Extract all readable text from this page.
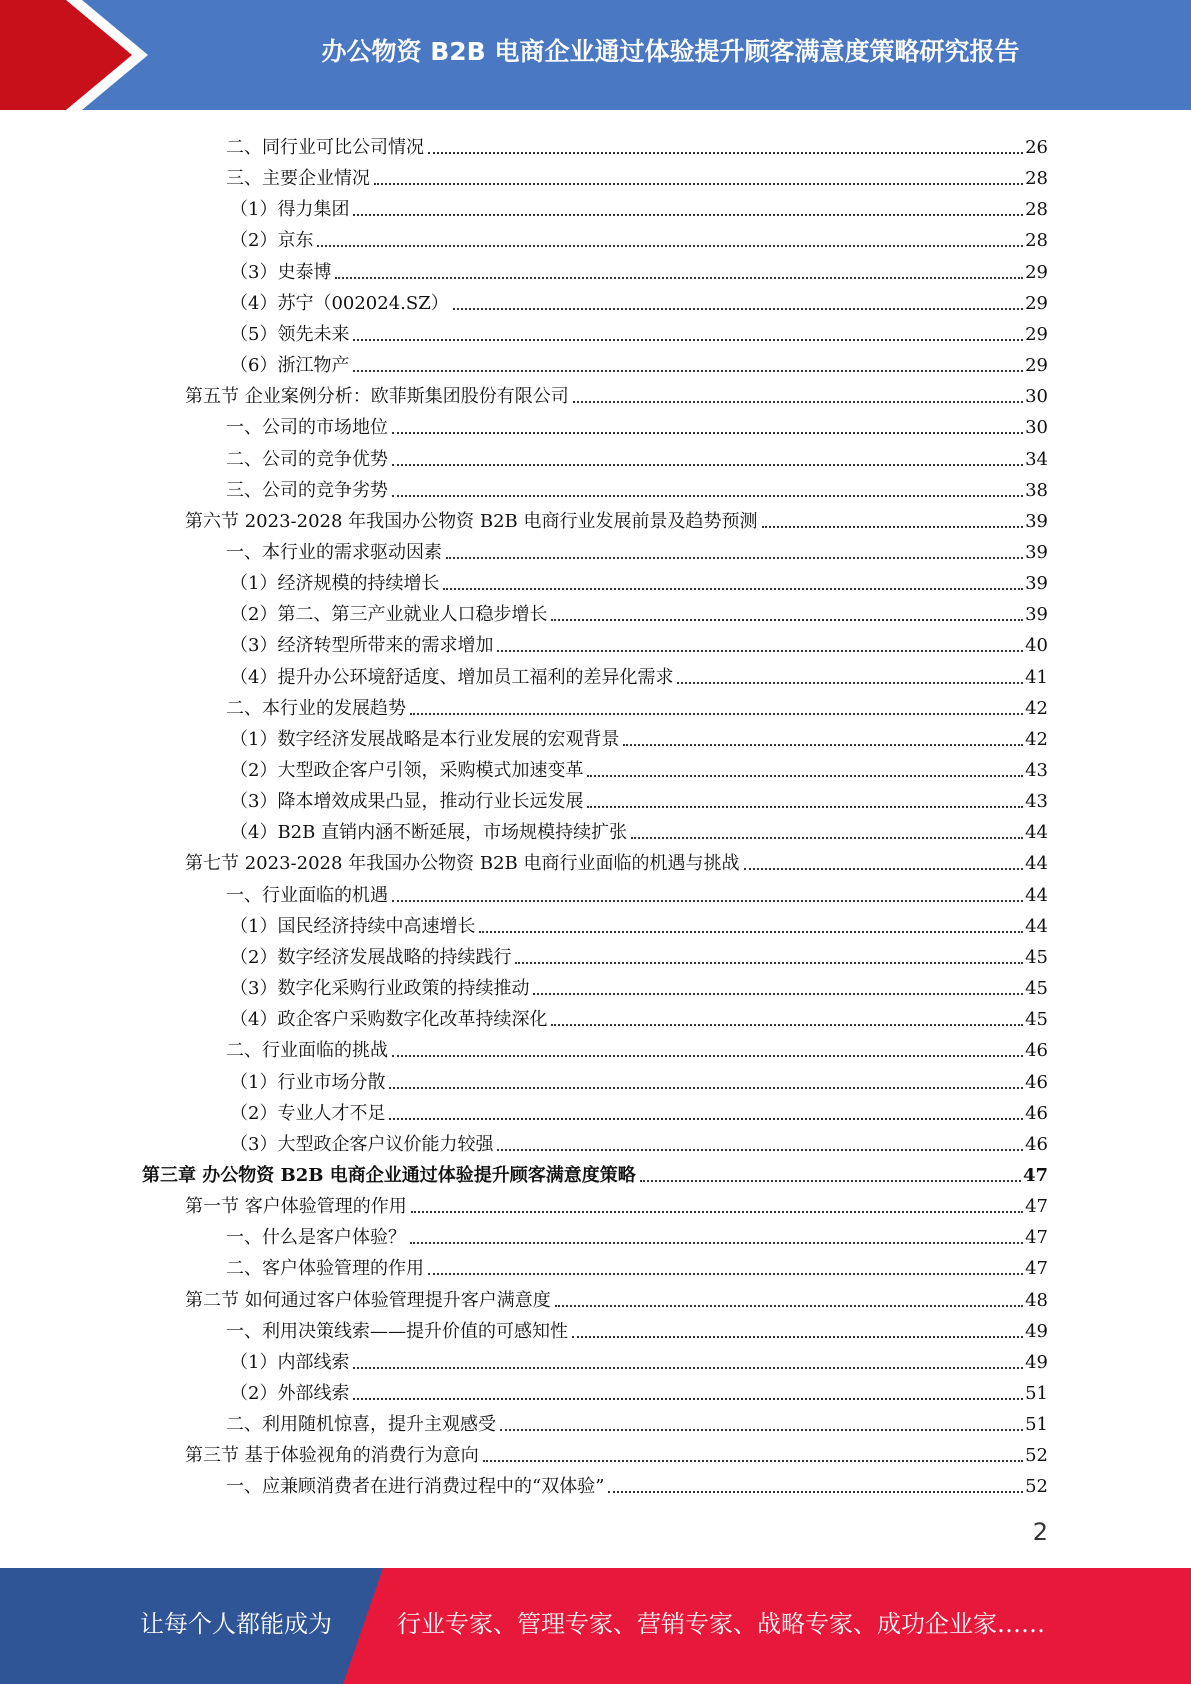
办公物资 B2B 电商企业通过体验提升顾客满意度策略研究报告
二、同行业可比公司情况	26
三、主要企业情况	28
（1）得力集团	28
（2）京东	28
（3）史泰博	29
（4）苏宁（002024.SZ）	29
（5）领先未来	29
（6）浙江物产	29
第五节 企业案例分析：欧菲斯集团股份有限公司	30
一、公司的市场地位	30
二、公司的竞争优势	34
三、公司的竞争劣势	38
第六节 2023-2028 年我国办公物资 B2B 电商行业发展前景及趋势预测	39
一、本行业的需求驱动因素	39
（1）经济规模的持续增长	39
（2）第二、第三产业就业人口稳步增长	39
（3）经济转型所带来的需求增加	40
（4）提升办公环境舒适度、增加员工福利的差异化需求	41
二、本行业的发展趋势	42
（1）数字经济发展战略是本行业发展的宏观背景	42
（2）大型政企客户引领，采购模式加速变革	43
（3）降本增效成果凸显，推动行业长远发展	43
（4）B2B 直销内涵不断延展，市场规模持续扩张	44
第七节 2023-2028 年我国办公物资 B2B 电商行业面临的机遇与挑战	44
一、行业面临的机遇	44
（1）国民经济持续中高速增长	44
（2）数字经济发展战略的持续践行	45
（3）数字化采购行业政策的持续推动	45
（4）政企客户采购数字化改革持续深化	45
二、行业面临的挑战	46
（1）行业市场分散	46
（2）专业人才不足	46
（3）大型政企客户议价能力较强	46
第三章 办公物资 B2B 电商企业通过体验提升顾客满意度策略	47
第一节 客户体验管理的作用	47
一、什么是客户体验？	47
二、客户体验管理的作用	47
第二节 如何通过客户体验管理提升客户满意度	48
一、利用决策线索——提升价值的可感知性	49
（1）内部线索	49
（2）外部线索	51
二、利用随机惊喜，提升主观感受	51
第三节 基于体验视角的消费行为意向	52
一、应兼顾消费者在进行消费过程中的“双体验”	52
2
让每个人都能成为	行业专家、管理专家、营销专家、战略专家、成功企业家……
